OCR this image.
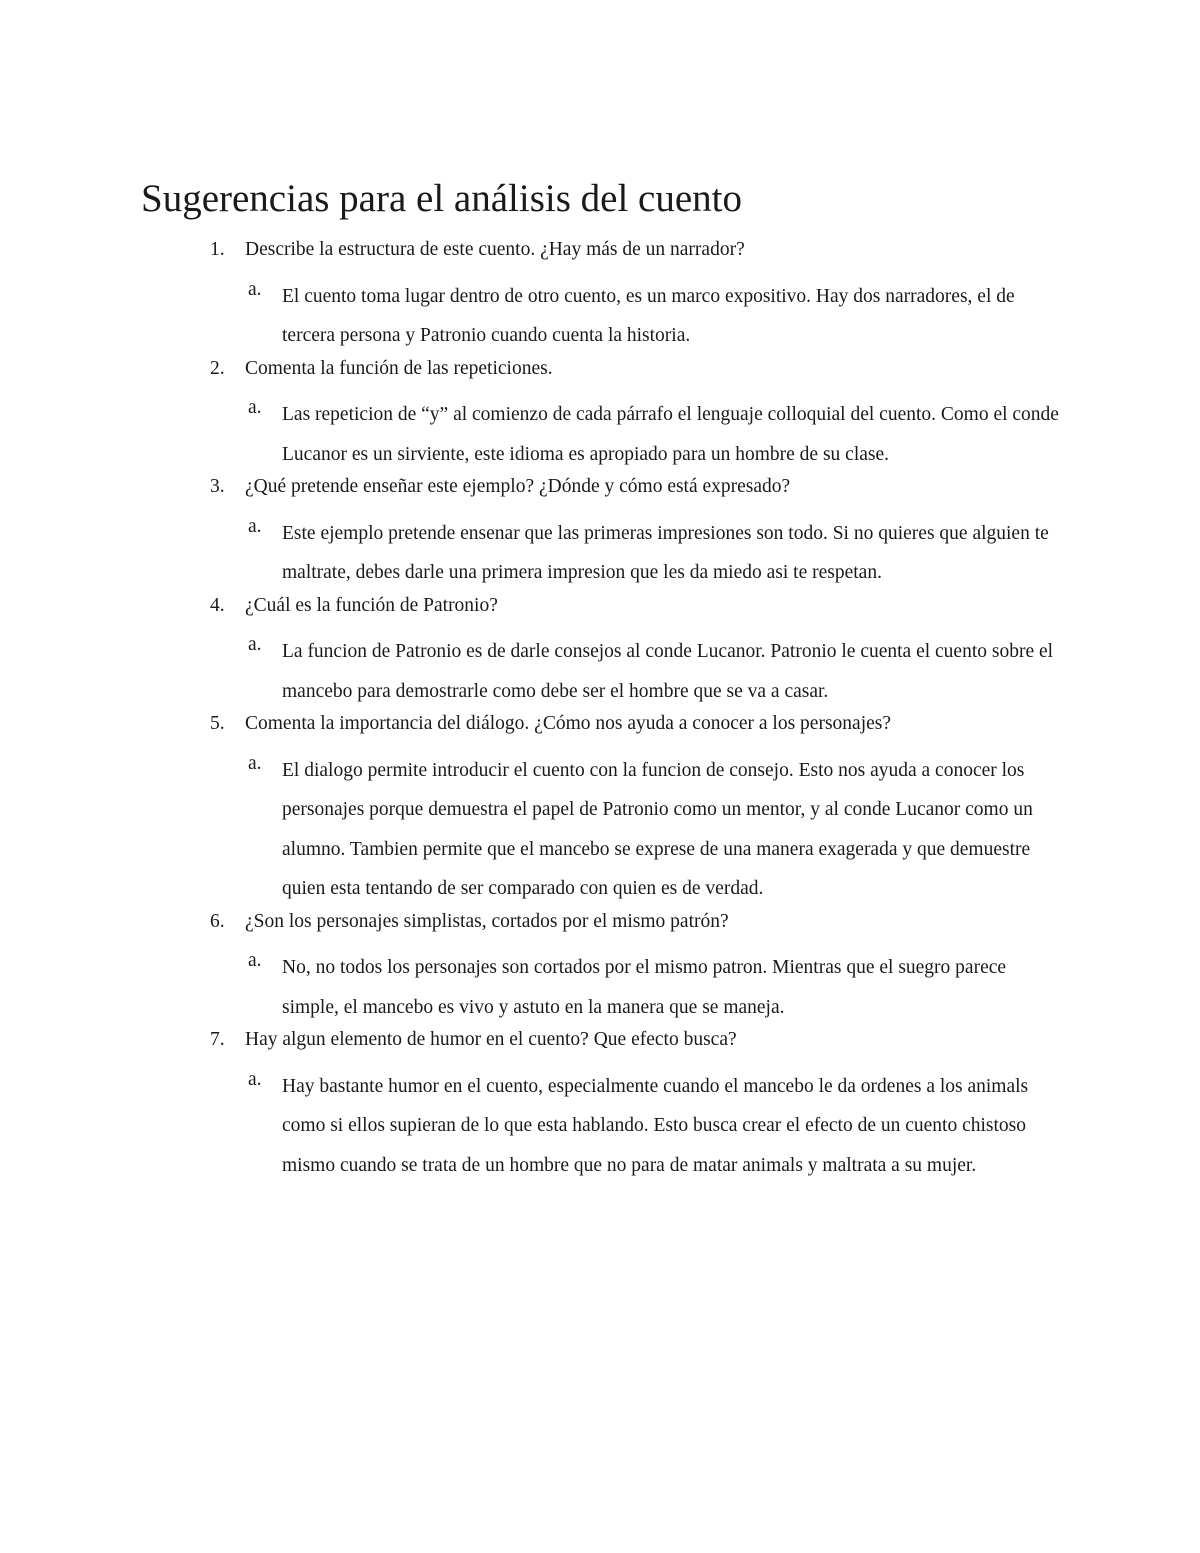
Sugerencias para el análisis del cuento
1. Describe la estructura de este cuento. ¿Hay más de un narrador?
a. El cuento toma lugar dentro de otro cuento, es un marco expositivo. Hay dos narradores, el de tercera persona y Patronio cuando cuenta la historia.

2. Comenta la función de las repeticiones.
a. Las repeticion de “y” al comienzo de cada párrafo el lenguaje colloquial del cuento. Como el conde Lucanor es un sirviente, este idioma es apropiado para un hombre de su clase.

3. ¿Qué pretende enseñar este ejemplo? ¿Dónde y cómo está expresado?
a. Este ejemplo pretende ensenar que las primeras impresiones son todo. Si no quieres que alguien te maltrate, debes darle una primera impresion que les da miedo asi te respetan.

4. ¿Cuál es la función de Patronio?
a. La funcion de Patronio es de darle consejos al conde Lucanor. Patronio le cuenta el cuento sobre el mancebo para demostrarle como debe ser el hombre que se va a casar.

5. Comenta la importancia del diálogo. ¿Cómo nos ayuda a conocer a los personajes?
a. El dialogo permite introducir el cuento con la funcion de consejo. Esto nos ayuda a conocer los personajes porque demuestra el papel de Patronio como un mentor, y al conde Lucanor como un alumno. Tambien permite que el mancebo se exprese de una manera exagerada y que demuestre quien esta tentando de ser comparado con quien es de verdad.

6. ¿Son los personajes simplistas, cortados por el mismo patrón?
a. No, no todos los personajes son cortados por el mismo patron. Mientras que el suegro parece simple, el mancebo es vivo y astuto en la manera que se maneja.

7. Hay algun elemento de humor en el cuento? Que efecto busca?
a. Hay bastante humor en el cuento, especialmente cuando el mancebo le da ordenes a los animals como si ellos supieran de lo que esta hablando. Esto busca crear el efecto de un cuento chistoso mismo cuando se trata de un hombre que no para de matar animals y maltrata a su mujer.
